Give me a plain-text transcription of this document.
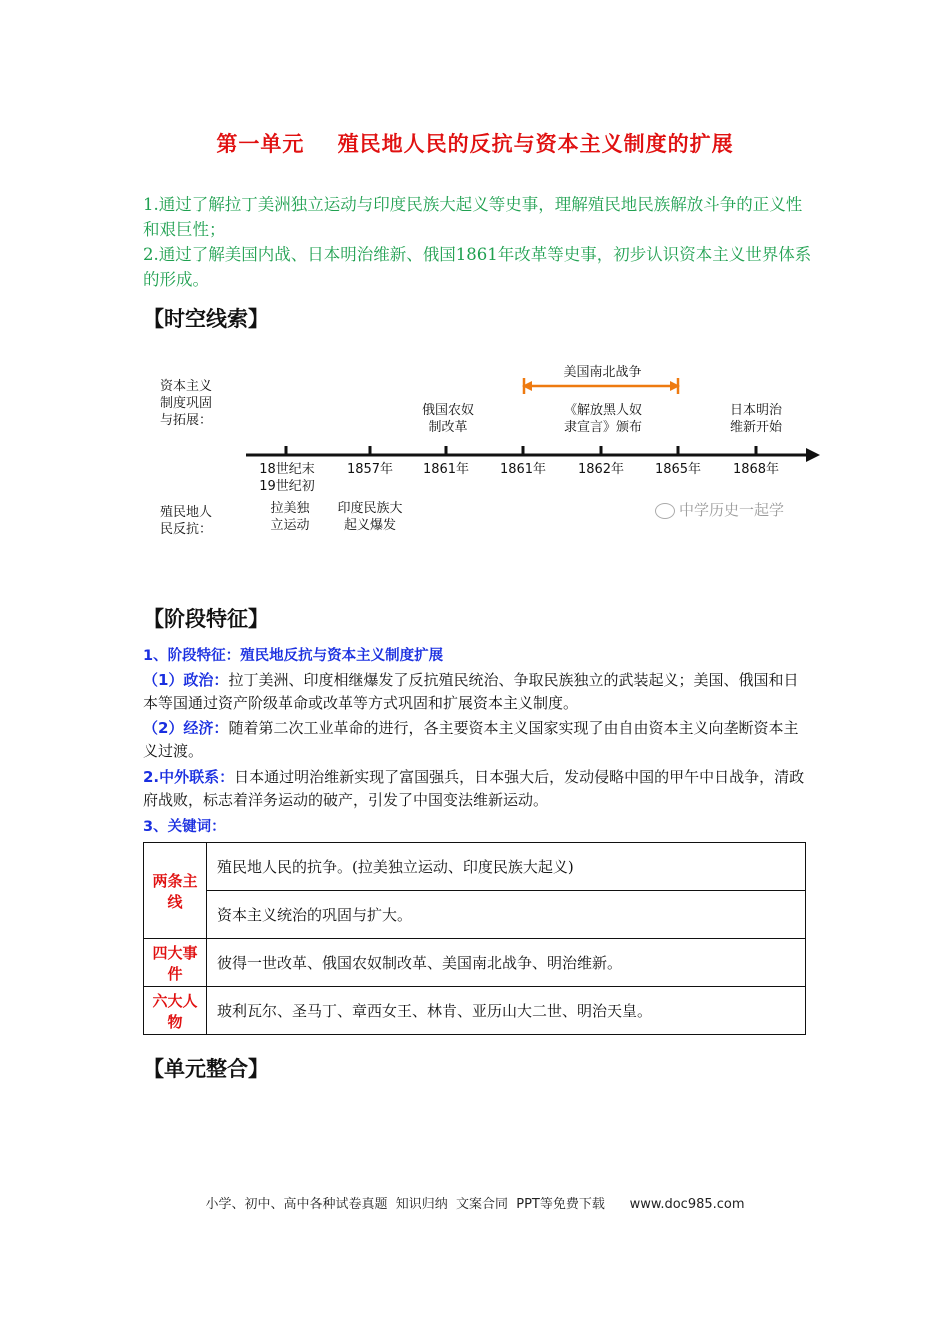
第一单元    殖民地人民的反抗与资本主义制度的扩展
1.通过了解拉丁美洲独立运动与印度民族大起义等史事，理解殖民地民族解放斗争的正义性和艰巨性；
2.通过了解美国内战、日本明治维新、俄国1861年改革等史事，初步认识资本主义世界体系的形成。
【时空线索】
美国南北战争
资本主义
制度巩固
与拓展：
殖民地人
民反抗：
俄国农奴
制改革
《解放黑人奴
隶宣言》颁布
日本明治
维新开始
18世纪末
19世纪初
1857年	1861年	1861年	1862年	1865年	1868年
拉美独
立运动
印度民族大
起义爆发
中学历史一起学
【阶段特征】
1、阶段特征：殖民地反抗与资本主义制度扩展
（1）政治：拉丁美洲、印度相继爆发了反抗殖民统治、争取民族独立的武装起义；美国、俄国和日本等国通过资产阶级革命或改革等方式巩固和扩展资本主义制度。
（2）经济：随着第二次工业革命的进行，各主要资本主义国家实现了由自由资本主义向垄断资本主义过渡。
2.中外联系：日本通过明治维新实现了富国强兵，日本强大后，发动侵略中国的甲午中日战争，清政府战败，标志着洋务运动的破产，引发了中国变法维新运动。
3、关键词：
两条主线	殖民地人民的抗争。(拉美独立运动、印度民族大起义)
	资本主义统治的巩固与扩大。
四大事件	彼得一世改革、俄国农奴制改革、美国南北战争、明治维新。
六大人物	玻利瓦尔、圣马丁、章西女王、林肯、亚历山大二世、明治天皇。
【单元整合】
小学、初中、高中各种试卷真题  知识归纳  文案合同  PPT等免费下载      www.doc985.com
